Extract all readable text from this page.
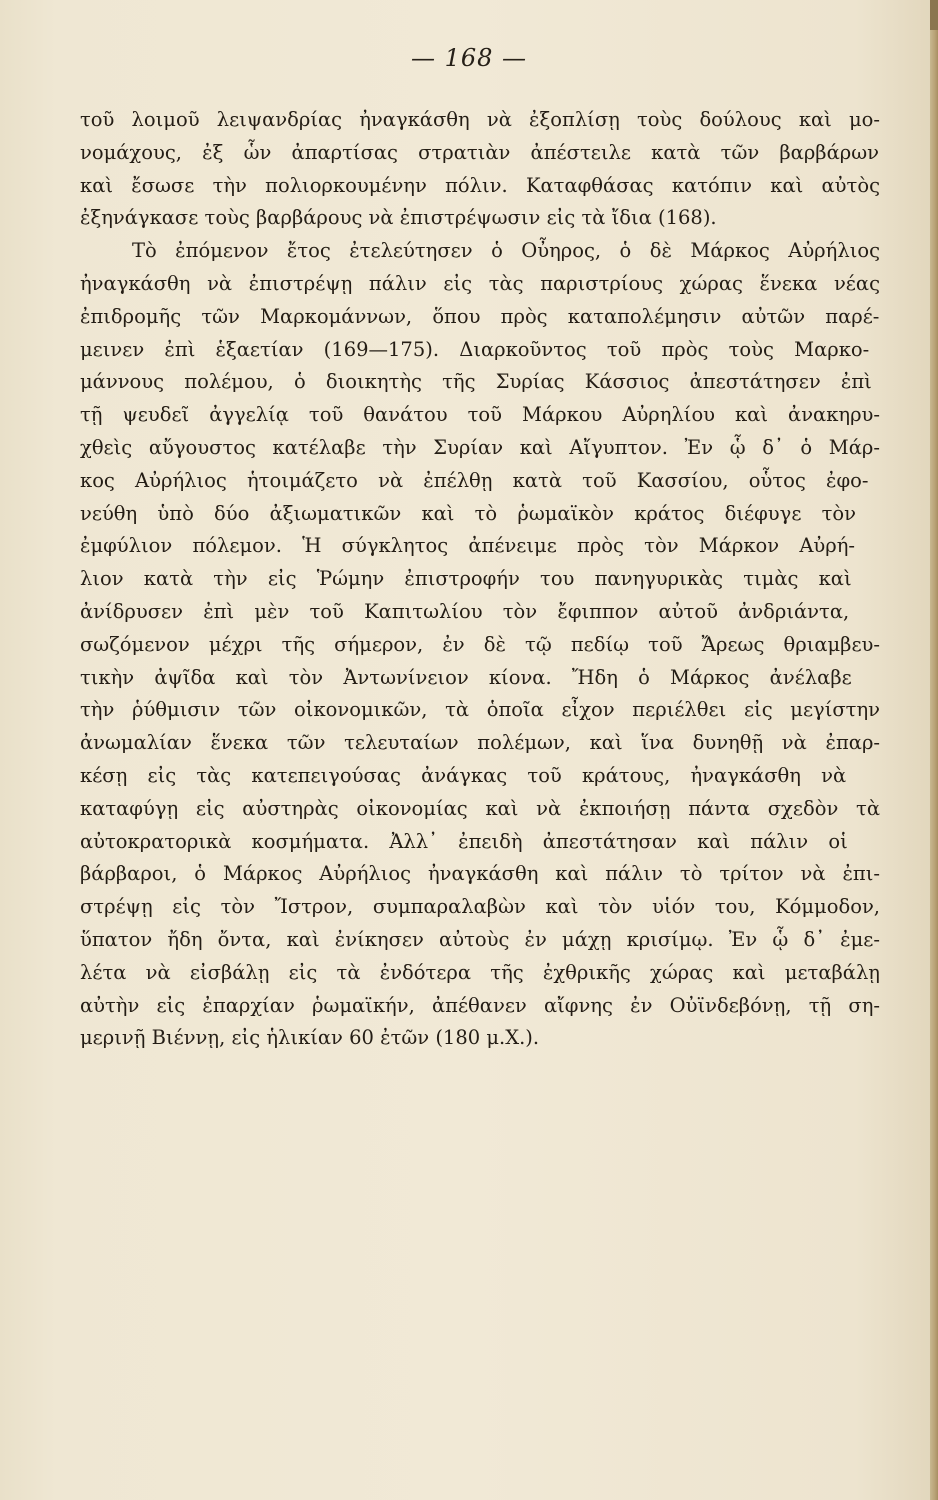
— 168 —
τοῦ λοιμοῦ λειψανδρίας ἠναγκάσθη νὰ ἐξοπλίσῃ τοὺς δούλους καὶ μο-
νομάχους, ἐξ ὧν ἀπαρτίσας στρατιὰν ἀπέστειλε κατὰ τῶν βαρβάρων
καὶ ἔσωσε τὴν πολιορκουμένην πόλιν. Καταφθάσας κατόπιν καὶ αὐτὸς
ἐξηνάγκασε τοὺς βαρβάρους νὰ ἐπιστρέψωσιν εἰς τὰ ἴδια (168).
Τὸ ἐπόμενον ἔτος ἐτελεύτησεν ὁ Οὖηρος, ὁ δὲ Μάρκος Αὐρήλιος
ἠναγκάσθη νὰ ἐπιστρέψῃ πάλιν εἰς τὰς παριστρίους χώρας ἕνεκα νέας
ἐπιδρομῆς τῶν Μαρκομάννων, ὅπου πρὸς καταπολέμησιν αὐτῶν παρέ-
μεινεν ἐπὶ ἑξαετίαν (169—175). Διαρκοῦντος τοῦ πρὸς τοὺς Μαρκο-
μάννους πολέμου, ὁ διοικητὴς τῆς Συρίας Κάσσιος ἀπεστάτησεν ἐπὶ
τῇ ψευδεῖ ἀγγελίᾳ τοῦ θανάτου τοῦ Μάρκου Αὐρηλίου καὶ ἀνακηρυ-
χθεὶς αὔγουστος κατέλαβε τὴν Συρίαν καὶ Αἴγυπτον. Ἐν ᾧ δ᾽ ὁ Μάρ-
κος Αὐρήλιος ἡτοιμάζετο νὰ ἐπέλθῃ κατὰ τοῦ Κασσίου, οὗτος ἐφο-
νεύθη ὑπὸ δύο ἀξιωματικῶν καὶ τὸ ῥωμαϊκὸν κράτος διέφυγε τὸν
ἐμφύλιον πόλεμον. Ἡ σύγκλητος ἀπένειμε πρὸς τὸν Μάρκον Αὐρή-
λιον κατὰ τὴν εἰς Ῥώμην ἐπιστροφήν του πανηγυρικὰς τιμὰς καὶ
ἀνίδρυσεν ἐπὶ μὲν τοῦ Καπιτωλίου τὸν ἔφιππον αὐτοῦ ἀνδριάντα,
σωζόμενον μέχρι τῆς σήμερον, ἐν δὲ τῷ πεδίῳ τοῦ Ἄρεως θριαμβευ-
τικὴν ἀψῖδα καὶ τὸν Ἀντωνίνειον κίονα. Ἤδη ὁ Μάρκος ἀνέλαβε
τὴν ῥύθμισιν τῶν οἰκονομικῶν, τὰ ὁποῖα εἶχον περιέλθει εἰς μεγίστην
ἀνωμαλίαν ἕνεκα τῶν τελευταίων πολέμων, καὶ ἵνα δυνηθῇ νὰ ἐπαρ-
κέσῃ εἰς τὰς κατεπειγούσας ἀνάγκας τοῦ κράτους, ἠναγκάσθη νὰ
καταφύγῃ εἰς αὐστηρὰς οἰκονομίας καὶ νὰ ἐκποιήσῃ πάντα σχεδὸν τὰ
αὐτοκρατορικὰ κοσμήματα. Ἀλλ᾽ ἐπειδὴ ἀπεστάτησαν καὶ πάλιν οἱ
βάρβαροι, ὁ Μάρκος Αὐρήλιος ἠναγκάσθη καὶ πάλιν τὸ τρίτον νὰ ἐπι-
στρέψῃ εἰς τὸν Ἴστρον, συμπαραλαβὼν καὶ τὸν υἱόν του, Κόμμοδον,
ὕπατον ἤδη ὄντα, καὶ ἐνίκησεν αὐτοὺς ἐν μάχῃ κρισίμῳ. Ἐν ᾧ δ᾽ ἐμε-
λέτα νὰ εἰσβάλῃ εἰς τὰ ἐνδότερα τῆς ἐχθρικῆς χώρας καὶ μεταβάλῃ
αὐτὴν εἰς ἐπαρχίαν ῥωμαϊκήν, ἀπέθανεν αἴφνης ἐν Οὐϊνδεβόνῃ, τῇ ση-
μερινῇ Βιέννῃ, εἰς ἡλικίαν 60 ἐτῶν (180 μ.Χ.).
